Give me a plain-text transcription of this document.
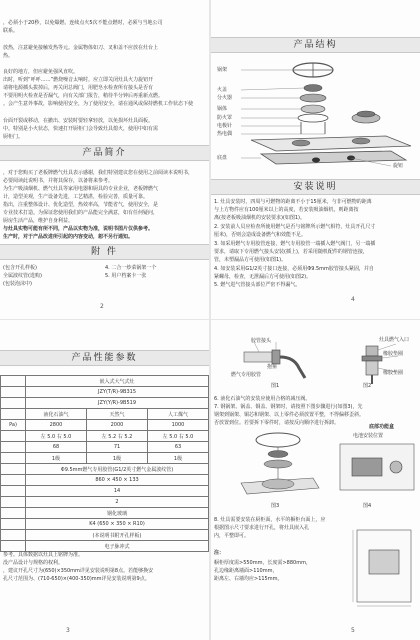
，必须小于20秒，以免爆燃。连续点火5次不能点燃时，必须与当地公司
联系。
放热，注意避免接触发热等元。金属物体如刀、叉和盖不应放在灶台上
热。
良好的地方，但应避免强风直吹。
出时，听到“呼呼……”燃烧噪音太响时，应立即关闭灶具火力旋钮开
请将电源插头拔掉后，再关闭总阀门，用肥皂水检查所有接头是否有
不要用明火检查是否漏气，向有关部门报告，稍待半分钟后再重新点燃。
。会产生意外事故，影响使用安全，为了使用安全，请在通风或保持燃机工作状态下使
台面开裂或移动，在撤出、安装时要轻拿轻放，以免损坏灶具面板。
中。特别是小火状态，快速打开厨柜门会导致灶具熄火，使用中如有需
厨柜门。
产品简介
，对于您购买了老板牌燃气灶具表示感谢，我们特别建议您在使用之前阅读本说明书，
必要阅读此说明书，并将其保存，以备将来参考。
为生产吸油烟机、燃气灶具等家用电器和厨具的专业企业，老板牌燃气
计，造型美观，生产设备先进，工艺精湛，检验完善，质量可靠。
指出，注重整体设计、优化造型，热效率高，节能省气，使用安全，是
专业技术打造。为保证您使用我们的产品能完全满意，如有任何疑问，
厨房生活产品，维护自身利益。
与灶具实物可能有所不同，产品以实物为准，说明书图片仅供参考。
生产时，对于产品改进所引起的内容变动，恕不另行通知。
附 件
(包含开孔样板)
全属波纹管(选购)
(包装泡沫中)
4. 二合一炒菜锅架一个
5. 用户档案卡一张
2
产品性能参数
	嵌入式大气式灶		
	JZY(T/R)-9B315		
	JZY(Y/R)-9B519		
	液化石油气	天然气	人工煤气
Pa)	2800	2000	1000
	左 5.0 右 5.0	左 5.2 右 5.2	左 5.0 右 5.0
	68	71	63
	1级	1级	1级
	Φ9.5mm燃气专用胶管(G1/2英寸燃气金属波纹管)		
	860 × 450 × 133		
	14		
	2		
	钢化玻璃		
	K4 (650 × 350 × R10)		
	(本说明书附开孔样板)		
	电子脉冲式		
参考。具体数据以灶具上铭牌为准。
没产品设计与规格的权利。
，建议开孔尺寸为(650)×350mm详见安装说明第8点。若能够换安
孔尺寸范围为、(710-650)×(400-350)mm详见安装说明第9点。
3
产品结构
锅架
火盖
分火器
锅体
防火罩
电极针
热电偶
底盘
旋钮
安装说明
1. 灶具安装时，四周与可燃物的距离不小于15厘米，与非可燃物的距离
与上方物件应有100厘米以上的高度，若安装吸油烟机，则距离按
离(按老板吸油烟机的安装要求)(如图1)。
2. 安装前人员应检查所使用燃气是否与铭牌所示燃气相符，灶具开孔尺寸
厘米)，否则会造成设备燃气和效能不足。
3. 如采用燃气专用胶管连接，燃气专用胶管一端插入燃气阀门，另一端插
要求，请取下专用燃气接头安装(插上)，若采用随机配件的钢管连接，
管，未塑漏品方可使用(如图1)。
4. 如安装采用G1/2英寸接口连接，必须用Φ9.5mm胶管接头紧固，并自
紧螺母，检查，无泄漏后方可使用(如图2)。
5. 燃气进气管接头部位严密不得漏气。
4
胶管接头
抱箍
燃气专用胶管
图1
灶具燃气入口
橡胶垫圈
橡胶垫圈
图2
6. 液化石油气的安装应使用合格的减压阀。
7. 钢锅架、锅盖、铜盖、钢架时，请按照下图步骤进行(如图3)，先
钢架到锅架、铜芯和钢架、以上零件必须放置平整，不得偏移歪斜。
否放置到位。若要拆下零件时，请按反向顺序进行拆卸。
图3
底部功能盒
电池安装位置
图4
8. 灶具需要安装在厨柜面，水平的橱柜台面上，应
根据图示尺寸要求进行开孔，将灶具嵌入孔
内，平整即可。
注：
橱柜厚度需>550mm，长度需>880mm，
孔边缘距离墙面>110mm，
距离左、右墙均应>115mm。
5
